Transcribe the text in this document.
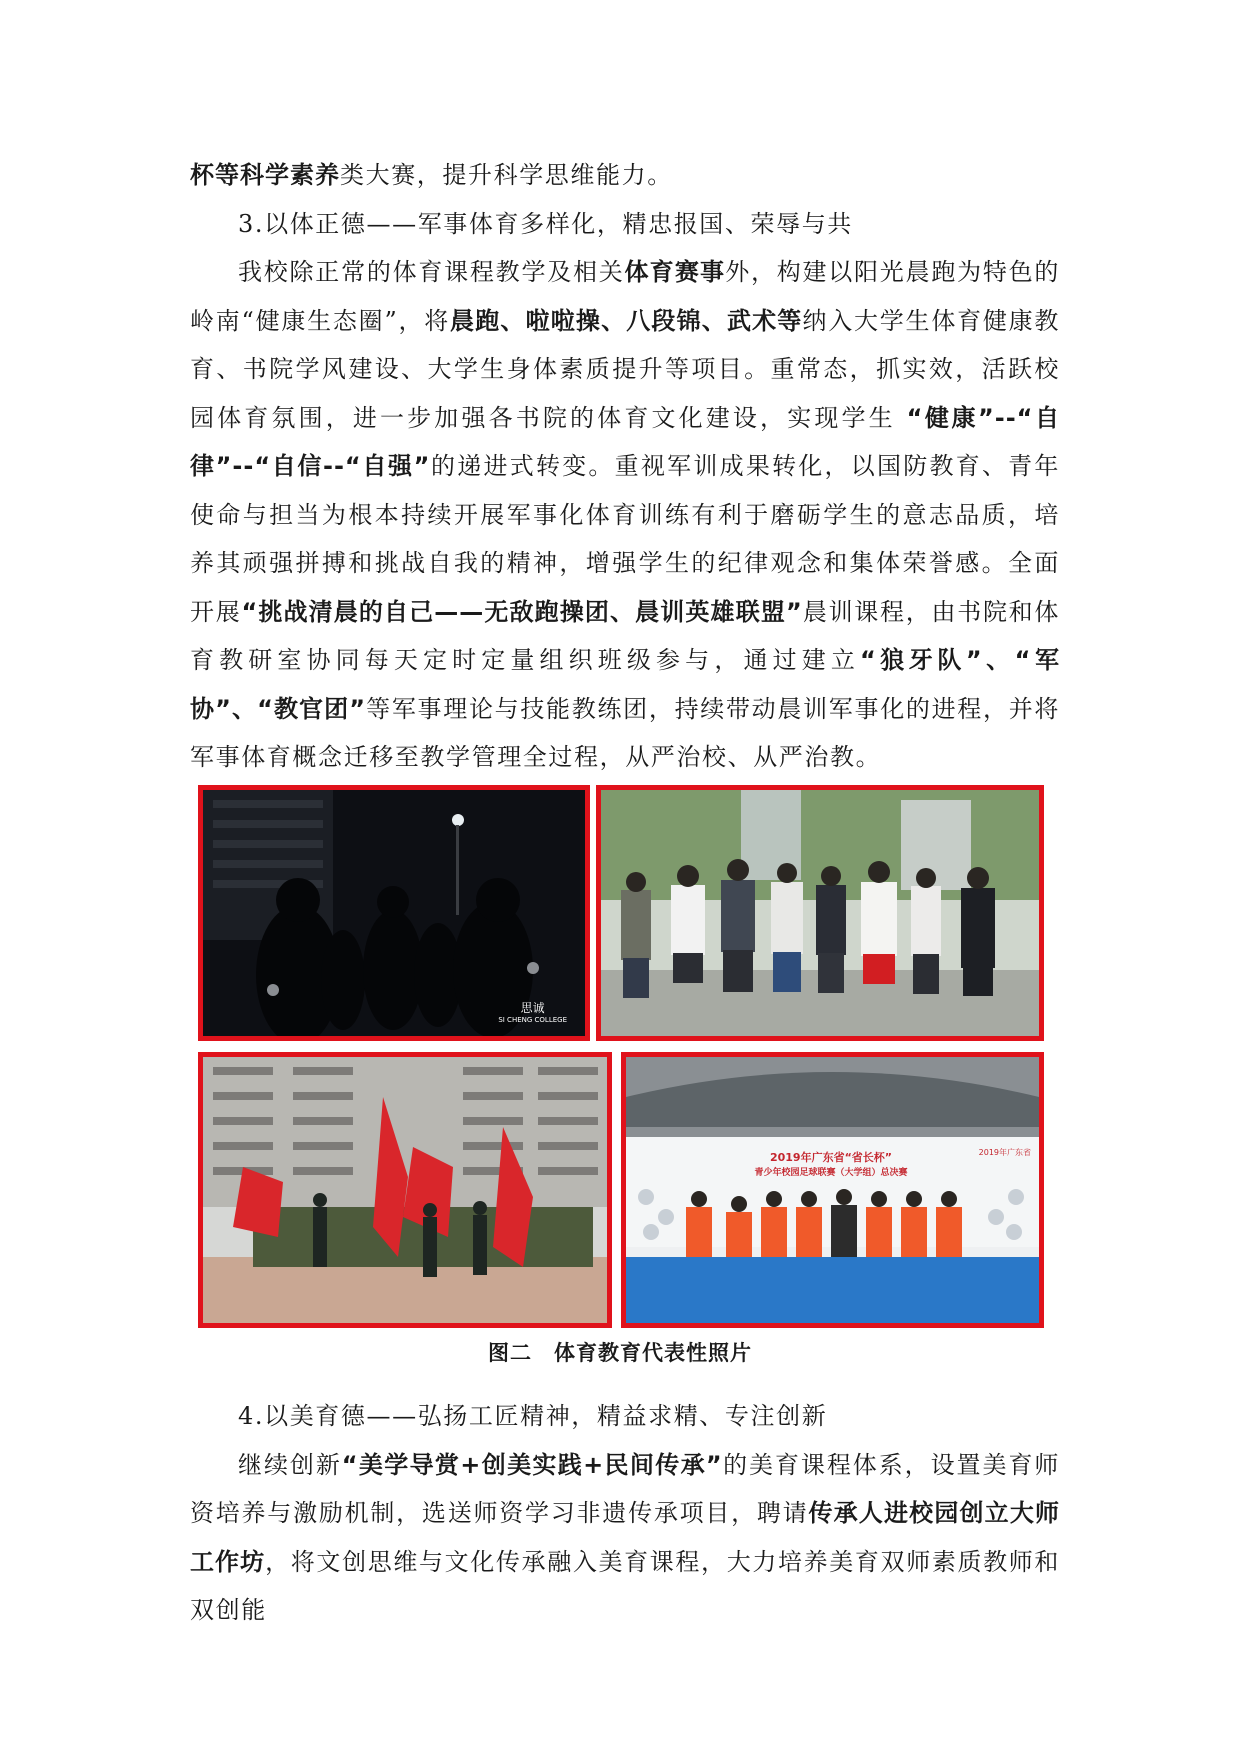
杯等科学素养类大赛，提升科学思维能力。

3.以体正德——军事体育多样化，精忠报国、荣辱与共

我校除正常的体育课程教学及相关体育赛事外，构建以阳光晨跑为特色的岭南“健康生态圈”，将晨跑、啦啦操、八段锦、武术等纳入大学生体育健康教育、书院学风建设、大学生身体素质提升等项目。重常态，抓实效，活跃校园体育氛围，进一步加强各书院的体育文化建设，实现学生 “健康”--“自律”--“自信--“自强”的递进式转变。重视军训成果转化，以国防教育、青年使命与担当为根本持续开展军事化体育训练有利于磨砺学生的意志品质，培养其顽强拼搏和挑战自我的精神，增强学生的纪律观念和集体荣誉感。全面开展“挑战清晨的自己——无敌跑操团、晨训英雄联盟”晨训课程，由书院和体育教研室协同每天定时定量组织班级参与，通过建立“狼牙队”、“军协”、“教官团”等军事理论与技能教练团，持续带动晨训军事化的进程，并将军事体育概念迁移至教学管理全过程，从严治校、从严治教。

思诚
SI CHENG COLLEGE
2019年广东省“省长杯”
青少年校园足球联赛（大学组）总决赛
2019年广东省
图二　体育教育代表性照片

4.以美育德——弘扬工匠精神，精益求精、专注创新

继续创新“美学导赏+创美实践+民间传承”的美育课程体系，设置美育师资培养与激励机制，选送师资学习非遗传承项目，聘请传承人进校园创立大师工作坊，将文创思维与文化传承融入美育课程，大力培养美育双师素质教师和双创能
